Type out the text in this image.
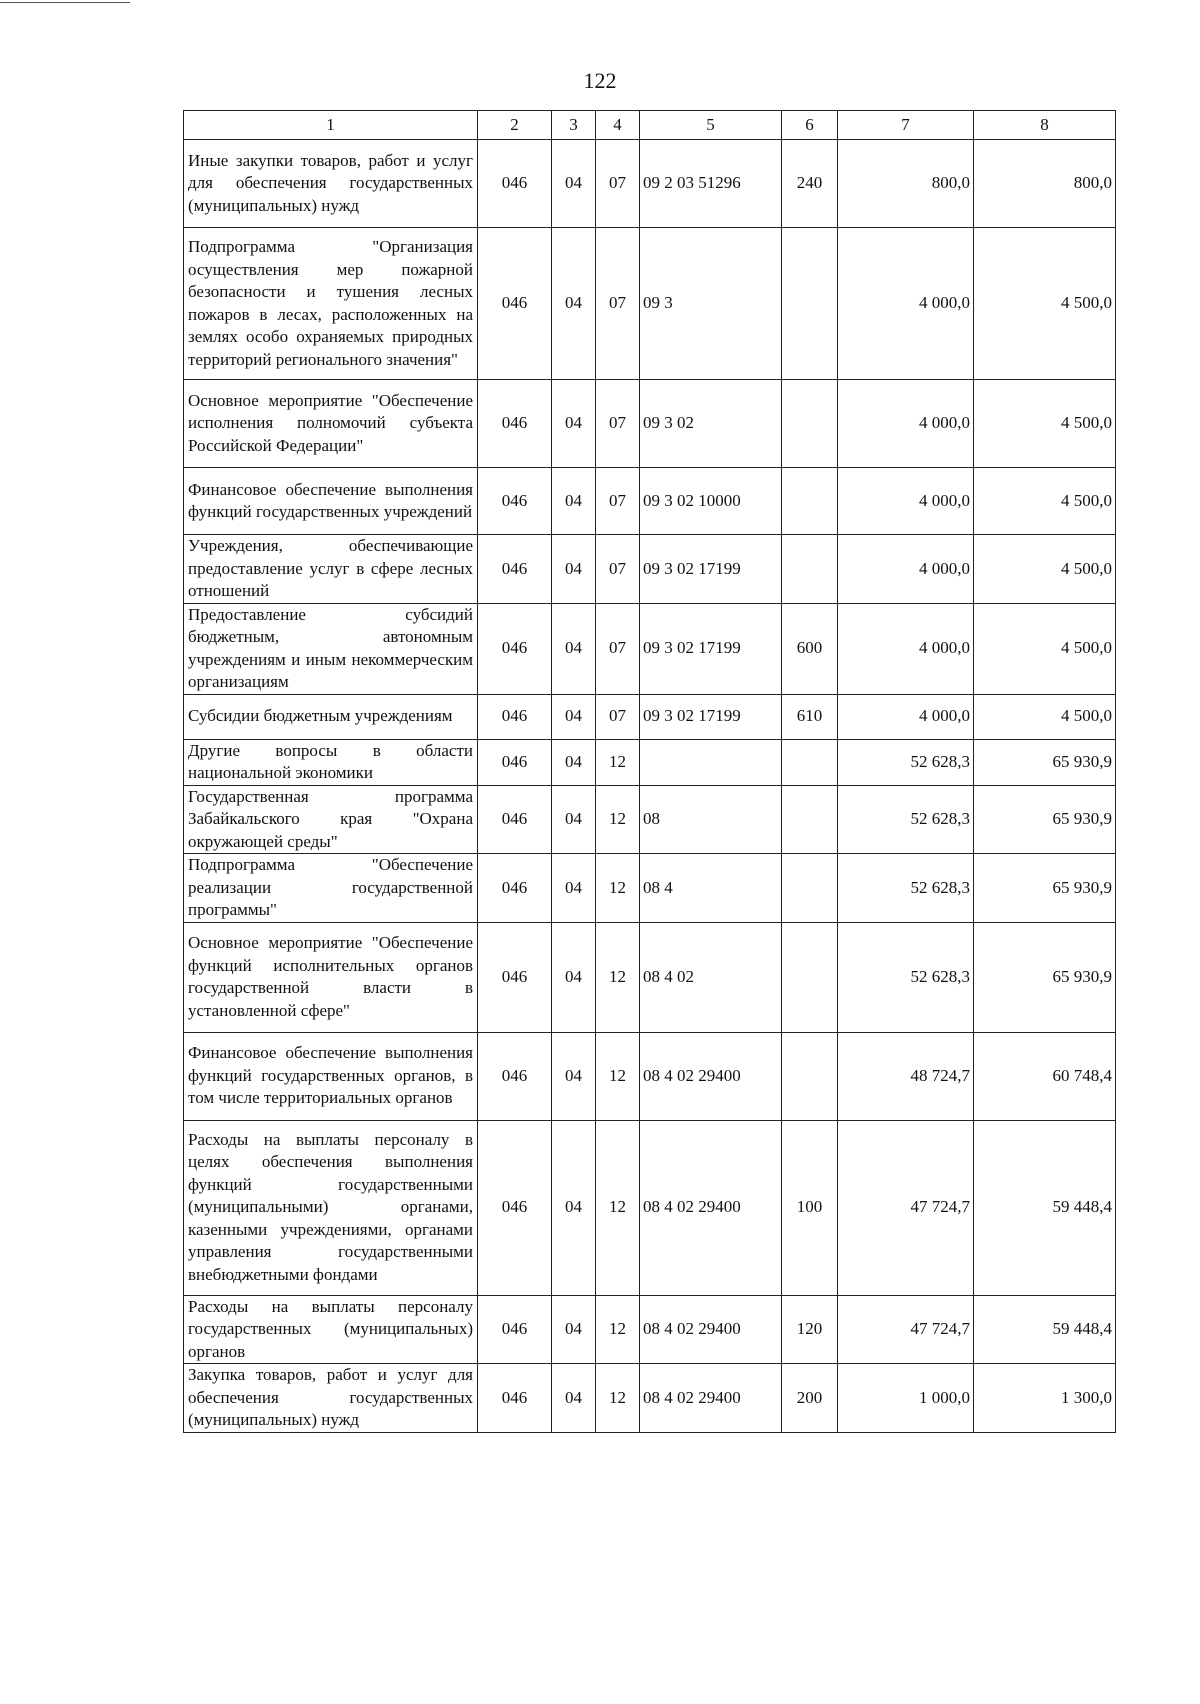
122
1	2	3	4	5	6	7	8
Иные закупки товаров, работ и услуг для обеспечения государственных (муниципальных) нужд	046	04	07	09 2 03 51296	240	800,0	800,0
Подпрограмма "Организация осуществления мер пожарной безопасности и тушения лесных пожаров в лесах, расположенных на землях особо охраняемых природных территорий регионального значения"	046	04	07	09 3		4 000,0	4 500,0
Основное мероприятие "Обеспечение исполнения полномочий субъекта Российской Федерации"	046	04	07	09 3 02		4 000,0	4 500,0
Финансовое обеспечение выполнения функций государственных учреждений	046	04	07	09 3 02 10000		4 000,0	4 500,0
Учреждения, обеспечивающие предоставление услуг в сфере лесных отношений	046	04	07	09 3 02 17199		4 000,0	4 500,0
Предоставление субсидий бюджетным, автономным учреждениям и иным некоммерческим организациям	046	04	07	09 3 02 17199	600	4 000,0	4 500,0
Субсидии бюджетным учреждениям	046	04	07	09 3 02 17199	610	4 000,0	4 500,0
Другие вопросы в области национальной экономики	046	04	12			52 628,3	65 930,9
Государственная программа Забайкальского края "Охрана окружающей среды"	046	04	12	08		52 628,3	65 930,9
Подпрограмма "Обеспечение реализации государственной программы"	046	04	12	08 4		52 628,3	65 930,9
Основное мероприятие "Обеспечение функций исполнительных органов государственной власти в установленной сфере"	046	04	12	08 4 02		52 628,3	65 930,9
Финансовое обеспечение выполнения функций государственных органов, в том числе территориальных органов	046	04	12	08 4 02 29400		48 724,7	60 748,4
Расходы на выплаты персоналу в целях обеспечения выполнения функций государственными (муниципальными) органами, казенными учреждениями, органами управления государственными внебюджетными фондами	046	04	12	08 4 02 29400	100	47 724,7	59 448,4
Расходы на выплаты персоналу государственных (муниципальных) органов	046	04	12	08 4 02 29400	120	47 724,7	59 448,4
Закупка товаров, работ и услуг для обеспечения государственных (муниципальных) нужд	046	04	12	08 4 02 29400	200	1 000,0	1 300,0
